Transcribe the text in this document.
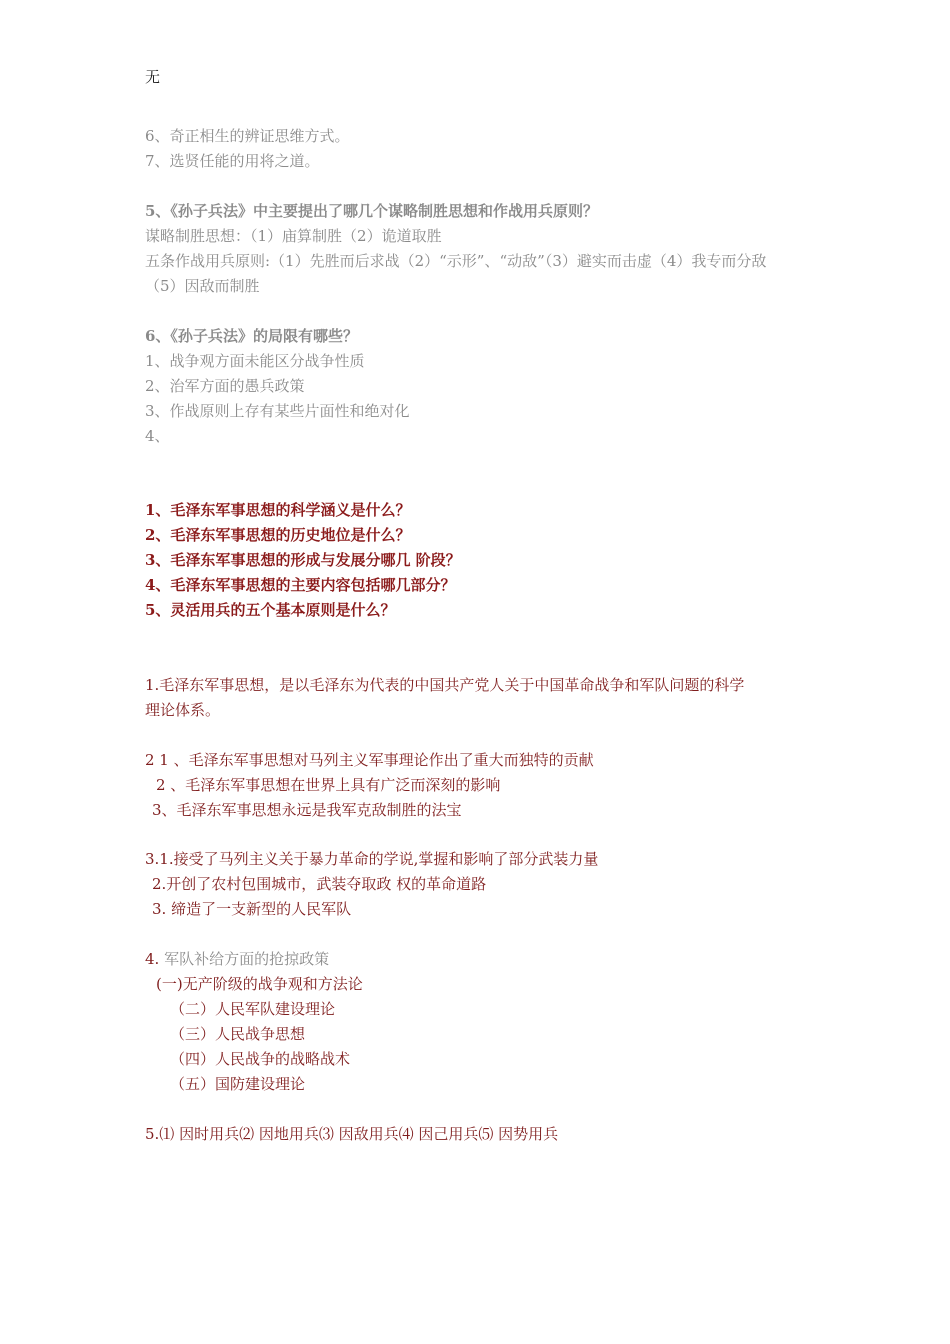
无
6、奇正相生的辨证思维方式。
7、选贤任能的用将之道。
5、《孙子兵法》中主要提出了哪几个谋略制胜思想和作战用兵原则？
谋略制胜思想：（1）庙算制胜（2）诡道取胜
五条作战用兵原则:（1）先胜而后求战（2）“示形”、“动敌”（3）避实而击虚（4）我专而分敌
（5）因敌而制胜
6、《孙子兵法》的局限有哪些？
1、战争观方面未能区分战争性质
2、治军方面的愚兵政策
3、作战原则上存有某些片面性和绝对化
4、
1、毛泽东军事思想的科学涵义是什么？
2、毛泽东军事思想的历史地位是什么？
3、毛泽东军事思想的形成与发展分哪几 阶段？
4、毛泽东军事思想的主要内容包括哪几部分？
5、灵活用兵的五个基本原则是什么？
1.毛泽东军事思想，是以毛泽东为代表的中国共产党人关于中国革命战争和军队问题的科学
理论体系。
2 1 、毛泽东军事思想对马列主义军事理论作出了重大而独特的贡献
2 、毛泽东军事思想在世界上具有广泛而深刻的影响
3、毛泽东军事思想永远是我军克敌制胜的法宝
3.1.接受了马列主义关于暴力革命的学说,掌握和影响了部分武装力量
2.开创了农村包围城市，武装夺取政 权的革命道路
3. 缔造了一支新型的人民军队
(一)无产阶级的战争观和方法论
（二）人民军队建设理论
（三）人民战争思想
（四）人民战争的战略战术
（五）国防建设理论
5.⑴ 因时用兵⑵ 因地用兵⑶ 因敌用兵⑷ 因己用兵⑸ 因势用兵
4. 军队补给方面的抢掠政策
